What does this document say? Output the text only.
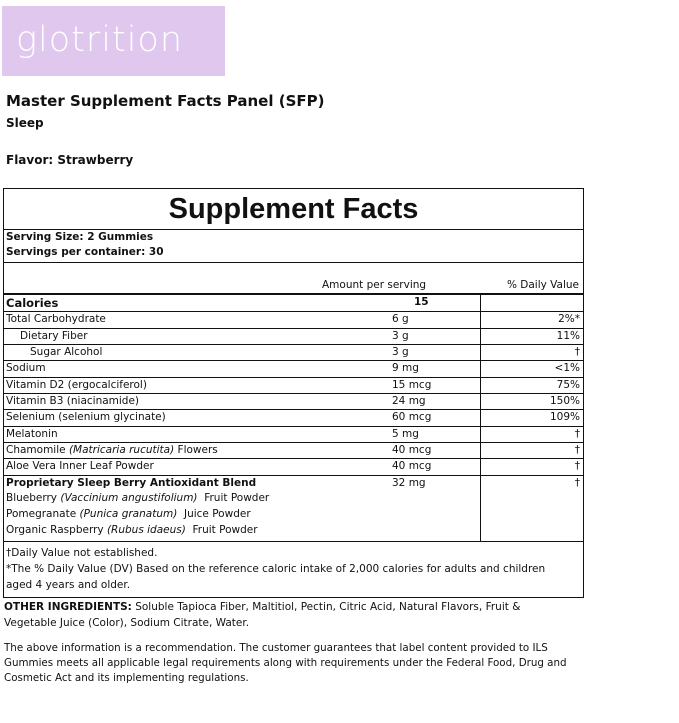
glotrition
Master Supplement Facts Panel (SFP)
Sleep
Flavor: Strawberry
Supplement Facts
Serving Size: 2 Gummies
Servings per container: 30
Amount per serving	% Daily Value
Calories	15
Total Carbohydrate	6 g	2%*
Dietary Fiber	3 g	11%
Sugar Alcohol	3 g	†
Sodium	9 mg	<1%
Vitamin D2 (ergocalciferol)	15 mcg	75%
Vitamin B3 (niacinamide)	24 mg	150%
Selenium (selenium glycinate)	60 mcg	109%
Melatonin	5 mg	†
Chamomile (Matricaria rucutita) Flowers	40 mcg	†
Aloe Vera Inner Leaf Powder	40 mcg	†
Proprietary Sleep Berry Antioxidant Blend	32 mg	†
Blueberry (Vaccinium angustifolium)  Fruit Powder
Pomegranate (Punica granatum)  Juice Powder
Organic Raspberry (Rubus idaeus)  Fruit Powder
†Daily Value not established.
*The % Daily Value (DV) Based on the reference caloric intake of 2,000 calories for adults and children aged 4 years and older.
OTHER INGREDIENTS: Soluble Tapioca Fiber, Maltitiol, Pectin, Citric Acid, Natural Flavors, Fruit & Vegetable Juice (Color), Sodium Citrate, Water.
The above information is a recommendation. The customer guarantees that label content provided to ILS Gummies meets all applicable legal requirements along with requirements under the Federal Food, Drug and Cosmetic Act and its implementing regulations.
